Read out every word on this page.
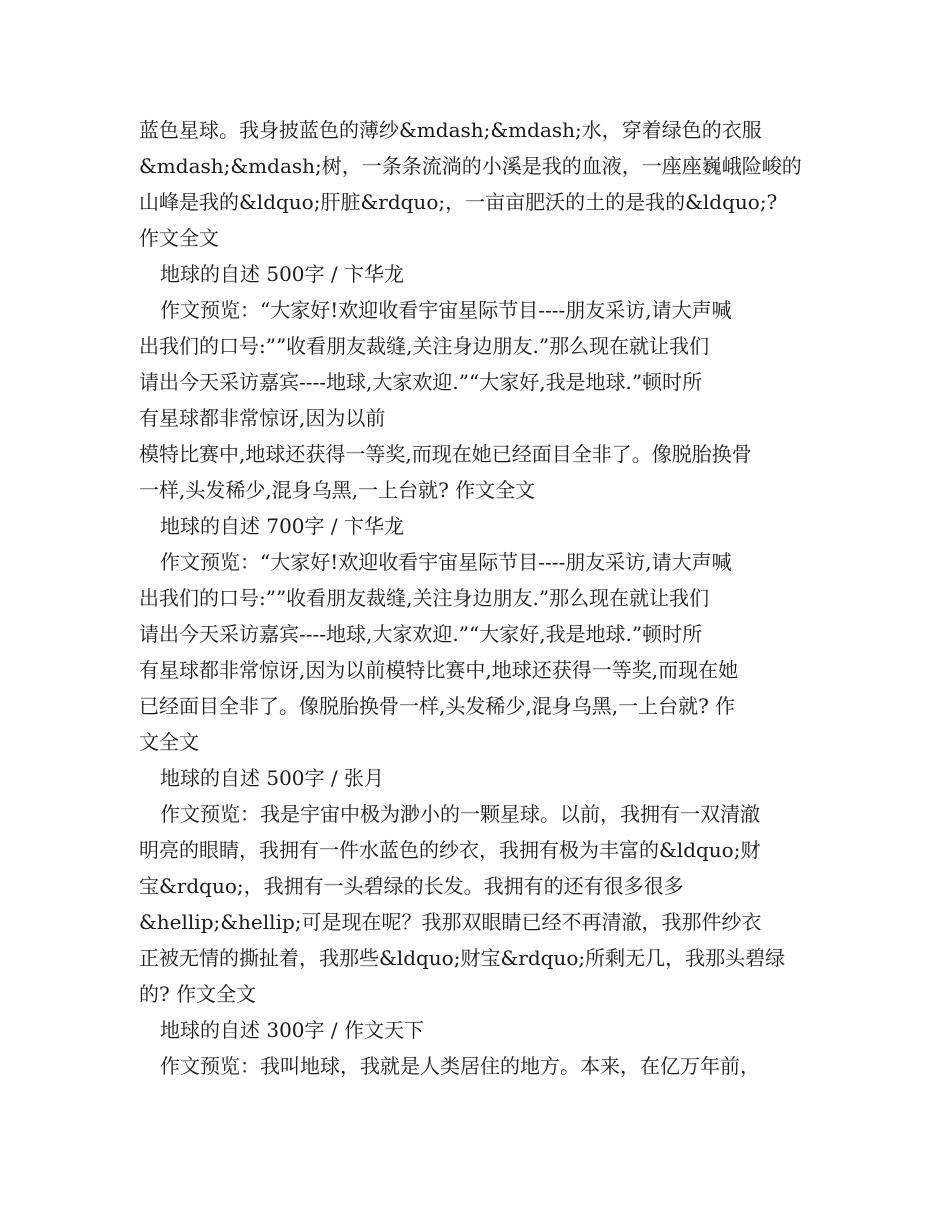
蓝色星球。我身披蓝色的薄纱&mdash;&mdash;水，穿着绿色的衣服
&mdash;&mdash;树，一条条流淌的小溪是我的血液，一座座巍峨险峻的
山峰是我的&ldquo;肝脏&rdquo;，一亩亩肥沃的土的是我的&ldquo;?
作文全文
地球的自述 500字 / 卞华龙
作文预览：“大家好!欢迎收看宇宙星际节目----朋友采访,请大声喊
出我们的口号:””收看朋友裁缝,关注身边朋友.”那么现在就让我们
请出今天采访嘉宾----地球,大家欢迎.”“大家好,我是地球.”顿时所
有星球都非常惊讶,因为以前
模特比赛中,地球还获得一等奖,而现在她已经面目全非了。像脱胎换骨
一样,头发稀少,混身乌黑,一上台就? 作文全文
地球的自述 700字 / 卞华龙
作文预览：“大家好!欢迎收看宇宙星际节目----朋友采访,请大声喊
出我们的口号:””收看朋友裁缝,关注身边朋友.”那么现在就让我们
请出今天采访嘉宾----地球,大家欢迎.”“大家好,我是地球.”顿时所
有星球都非常惊讶,因为以前模特比赛中,地球还获得一等奖,而现在她
已经面目全非了。像脱胎换骨一样,头发稀少,混身乌黑,一上台就? 作
文全文
地球的自述 500字 / 张月
作文预览：我是宇宙中极为渺小的一颗星球。以前，我拥有一双清澈
明亮的眼睛，我拥有一件水蓝色的纱衣，我拥有极为丰富的&ldquo;财
宝&rdquo;，我拥有一头碧绿的长发。我拥有的还有很多很多
&hellip;&hellip;可是现在呢？我那双眼睛已经不再清澈，我那件纱衣
正被无情的撕扯着，我那些&ldquo;财宝&rdquo;所剩无几，我那头碧绿
的? 作文全文
地球的自述 300字 / 作文天下
作文预览：我叫地球，我就是人类居住的地方。本来，在亿万年前，
